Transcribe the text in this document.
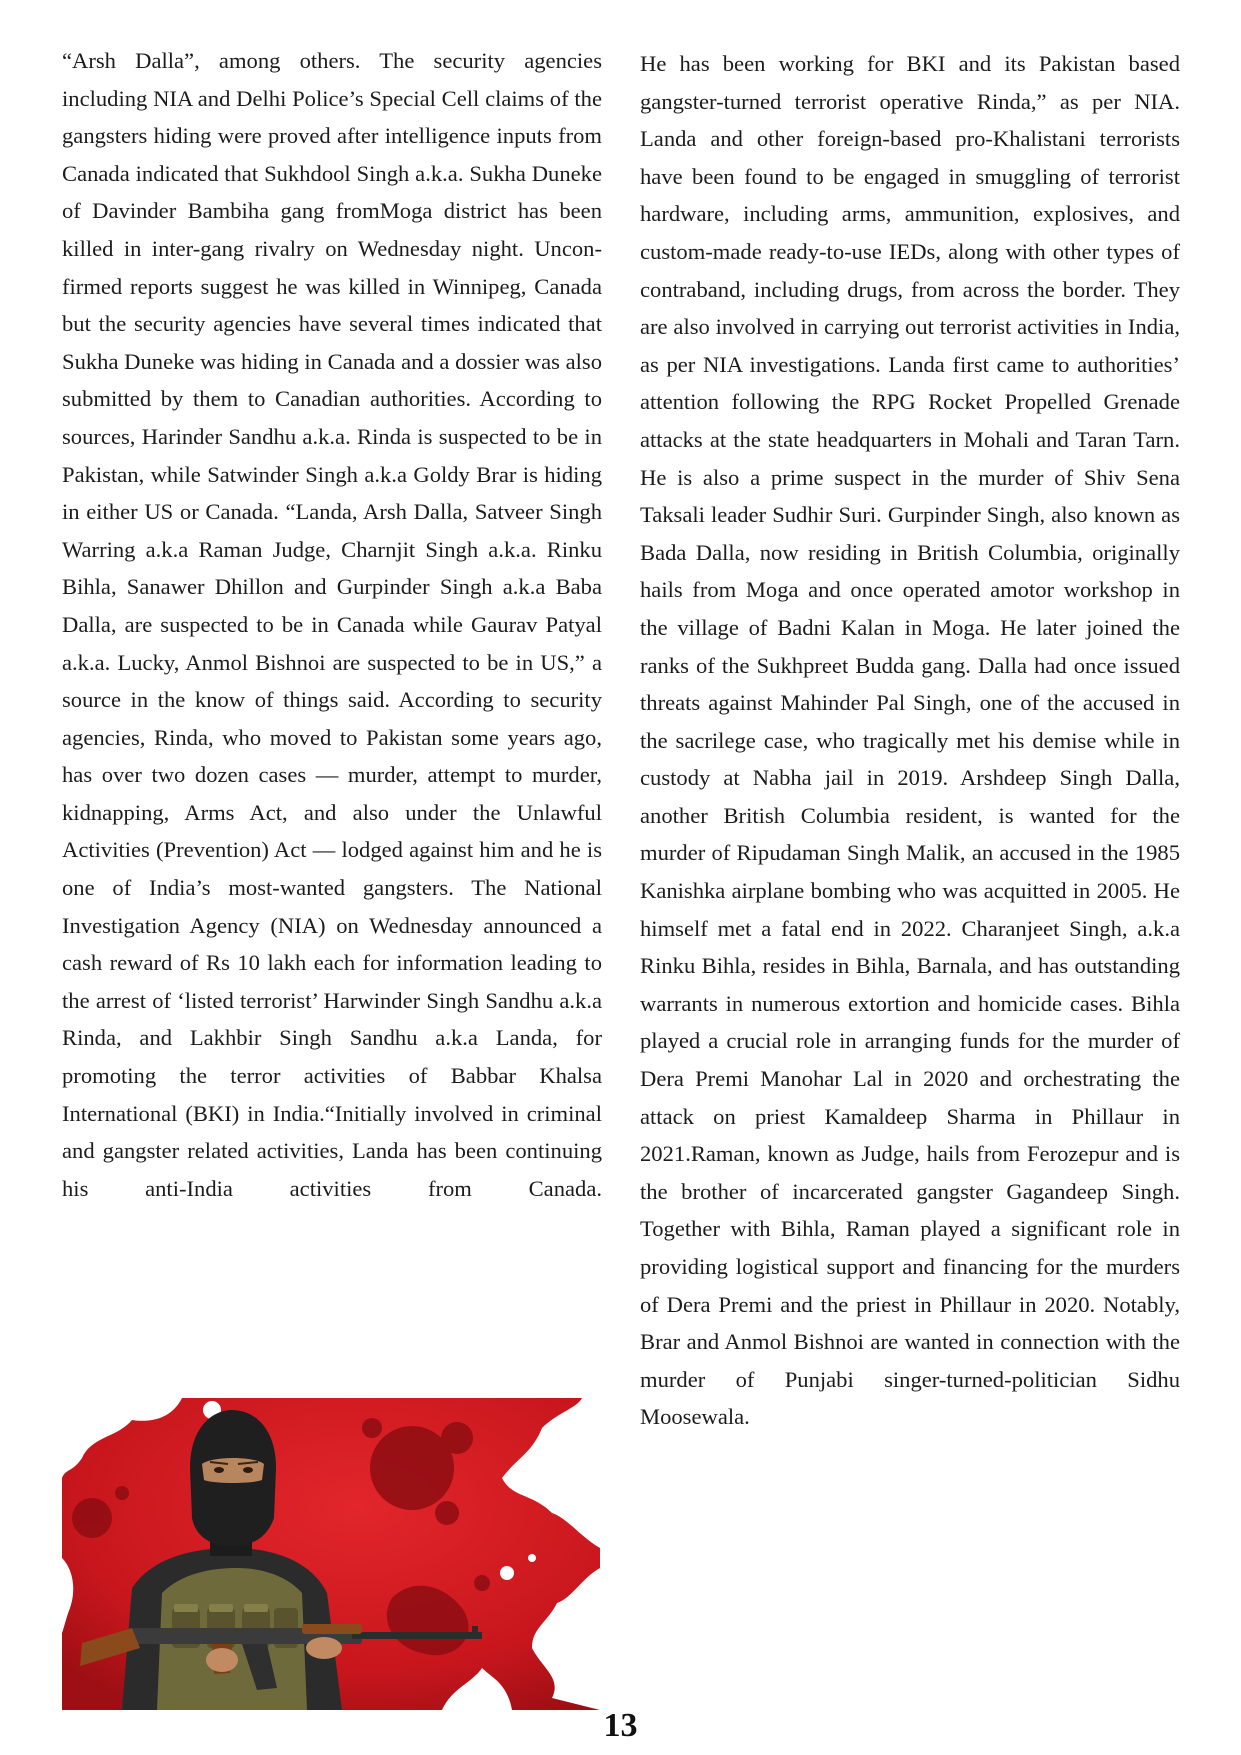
“Arsh Dalla”, among others. The security agencies including NIA and Delhi Police’s Special Cell claims of the gangsters hiding were proved after intelligence inputs from Canada indicated that Sukhdool Singh a.k.a. Sukha Duneke of Davinder Bambiha gang fromMoga district has been killed in inter-gang rivalry on Wednesday night. Uncon-firmed reports suggest he was killed in Winnipeg, Canada but the security agencies have several times indicated that Sukha Duneke was hiding in Canada and a dossier was also submitted by them to Canadian authorities. According to sources, Harinder Sandhu a.k.a. Rinda is suspected to be in Pakistan, while Satwinder Singh a.k.a Goldy Brar is hiding in either US or Canada. “Landa, Arsh Dalla, Satveer Singh Warring a.k.a Raman Judge, Charnjit Singh a.k.a. Rinku Bihla, Sanawer Dhillon and Gurpinder Singh a.k.a Baba Dalla, are suspected to be in Canada while Gaurav Patyal a.k.a. Lucky, Anmol Bishnoi are suspected to be in US,” a source in the know of things said. According to security agencies, Rinda, who moved to Pakistan some years ago, has over two dozen cases — murder, attempt to murder, kidnapping, Arms Act, and also under the Unlawful Activities (Prevention) Act — lodged against him and he is one of India’s most-wanted gangsters. The National Investigation Agency (NIA) on Wednesday announced a cash reward of Rs 10 lakh each for information leading to the arrest of ‘listed terrorist’ Harwinder Singh Sandhu a.k.a Rinda, and Lakhbir Singh Sandhu a.k.a Landa, for promoting the terror activities of Babbar Khalsa International (BKI) in India.“Initially involved in criminal and gangster related activities, Landa has been continuing his anti-India activities from Canada.

He has been working for BKI and its Pakistan based gangster-turned terrorist operative Rinda,” as per NIA. Landa and other foreign-based pro-Khalistani terrorists have been found to be engaged in smuggling of terrorist hardware, including arms, ammunition, explosives, and custom-made ready-to-use IEDs, along with other types of contraband, including drugs, from across the border. They are also involved in carrying out terrorist activities in India, as per NIA investigations. Landa first came to authorities’ attention following the RPG Rocket Propelled Grenade attacks at the state headquarters in Mohali and Taran Tarn. He is also a prime suspect in the murder of Shiv Sena Taksali leader Sudhir Suri. Gurpinder Singh, also known as Bada Dalla, now residing in British Columbia, originally hails from Moga and once operated amotor workshop in the village of Badni Kalan in Moga. He later joined the ranks of the Sukhpreet Budda gang. Dalla had once issued threats against Mahinder Pal Singh, one of the accused in the sacrilege case, who tragically met his demise while in custody at Nabha jail in 2019. Arshdeep Singh Dalla, another British Columbia resident, is wanted for the murder of Ripudaman Singh Malik, an accused in the 1985 Kanishka airplane bombing who was acquitted in 2005. He himself met a fatal end in 2022. Charanjeet Singh, a.k.a Rinku Bihla, resides in Bihla, Barnala, and has outstanding warrants in numerous extortion and homicide cases. Bihla played a crucial role in arranging funds for the murder of Dera Premi Manohar Lal in 2020 and orchestrating the attack on priest Kamaldeep Sharma in Phillaur in 2021.Raman, known as Judge, hails from Ferozepur and is the brother of incarcerated gangster Gagandeep Singh. Together with Bihla, Raman played a significant role in providing logistical support and financing for the murders of Dera Premi and the priest in Phillaur in 2020. Notably, Brar and Anmol Bishnoi are wanted in connection with the murder of Punjabi singer-turned-politician Sidhu Moosewala.

13
